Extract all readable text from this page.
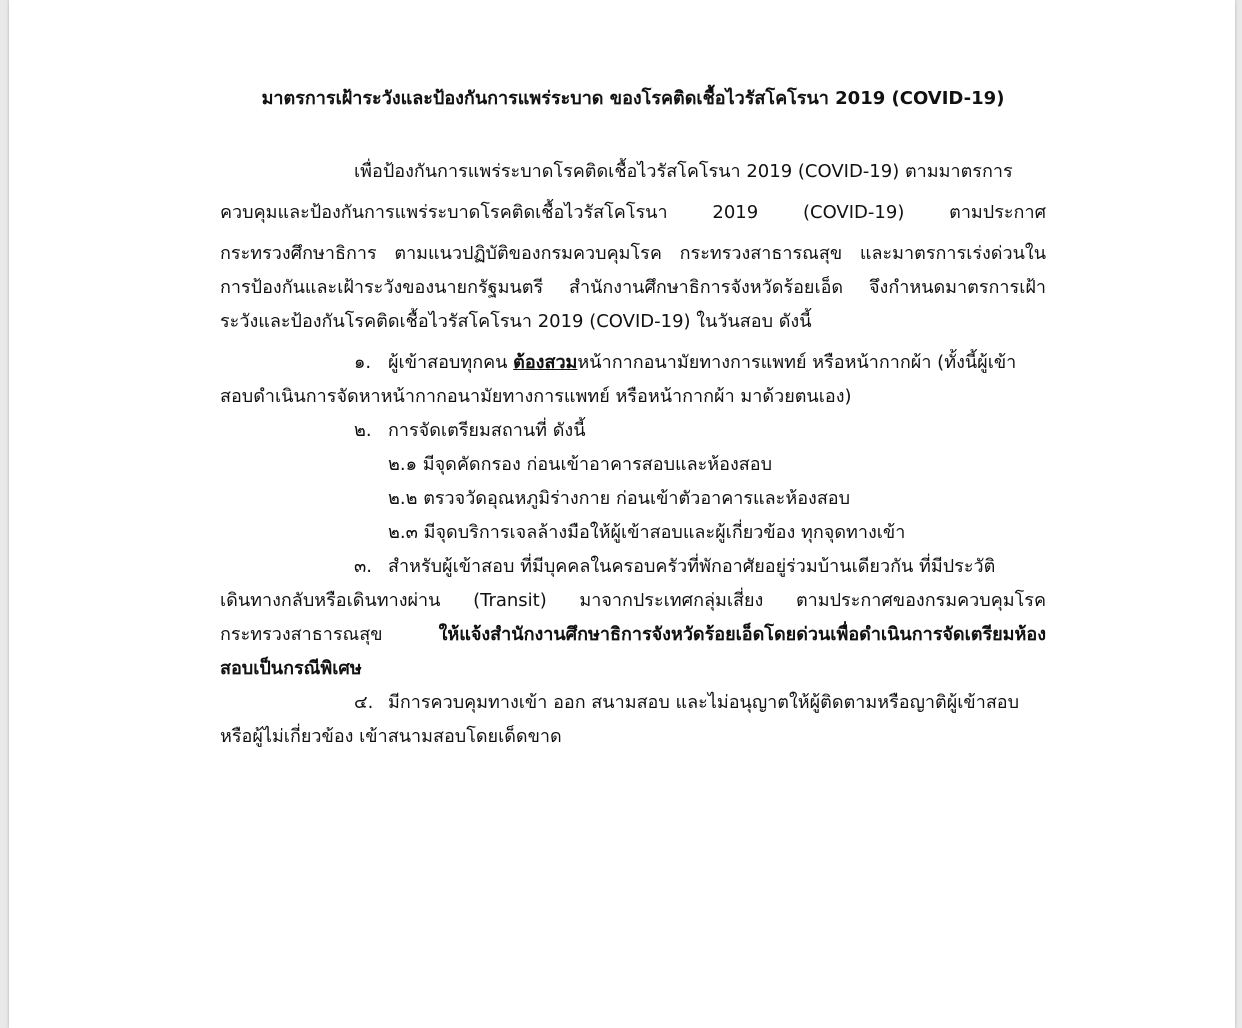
มาตรการเฝ้าระวังและป้องกันการแพร่ระบาด ของโรคติดเชื้อไวรัสโคโรนา 2019 (COVID-19)
เพื่อป้องกันการแพร่ระบาดโรคติดเชื้อไวรัสโคโรนา 2019 (COVID-19) ตามมาตรการ
ควบคุมและป้องกันการแพร่ระบาดโรคติดเชื้อไวรัสโคโรนา 2019 (COVID-19) ตามประกาศ
กระทรวงศึกษาธิการ ตามแนวปฏิบัติของกรมควบคุมโรค กระทรวงสาธารณสุข และมาตรการเร่งด่วนใน
การป้องกันและเฝ้าระวังของนายกรัฐมนตรี สำนักงานศึกษาธิการจังหวัดร้อยเอ็ด จึงกำหนดมาตรการเฝ้า
ระวังและป้องกันโรคติดเชื้อไวรัสโคโรนา 2019 (COVID-19) ในวันสอบ ดังนี้
๑. ผู้เข้าสอบทุกคน ต้องสวมหน้ากากอนามัยทางการแพทย์ หรือหน้ากากผ้า (ทั้งนี้ผู้เข้า
สอบดำเนินการจัดหาหน้ากากอนามัยทางการแพทย์ หรือหน้ากากผ้า มาด้วยตนเอง)
๒. การจัดเตรียมสถานที่ ดังนี้
๒.๑ มีจุดคัดกรอง ก่อนเข้าอาคารสอบและห้องสอบ
๒.๒ ตรวจวัดอุณหภูมิร่างกาย ก่อนเข้าตัวอาคารและห้องสอบ
๒.๓ มีจุดบริการเจลล้างมือให้ผู้เข้าสอบและผู้เกี่ยวข้อง ทุกจุดทางเข้า
๓. สำหรับผู้เข้าสอบ ที่มีบุคคลในครอบครัวที่พักอาศัยอยู่ร่วมบ้านเดียวกัน ที่มีประวัติ
เดินทางกลับหรือเดินทางผ่าน (Transit) มาจากประเทศกลุ่มเสี่ยง ตามประกาศของกรมควบคุมโรค
กระทรวงสาธารณสุข ให้แจ้งสำนักงานศึกษาธิการจังหวัดร้อยเอ็ดโดยด่วนเพื่อดำเนินการจัดเตรียมห้อง
สอบเป็นกรณีพิเศษ
๔. มีการควบคุมทางเข้า ออก สนามสอบ และไม่อนุญาตให้ผู้ติดตามหรือญาติผู้เข้าสอบ
หรือผู้ไม่เกี่ยวข้อง เข้าสนามสอบโดยเด็ดขาด
